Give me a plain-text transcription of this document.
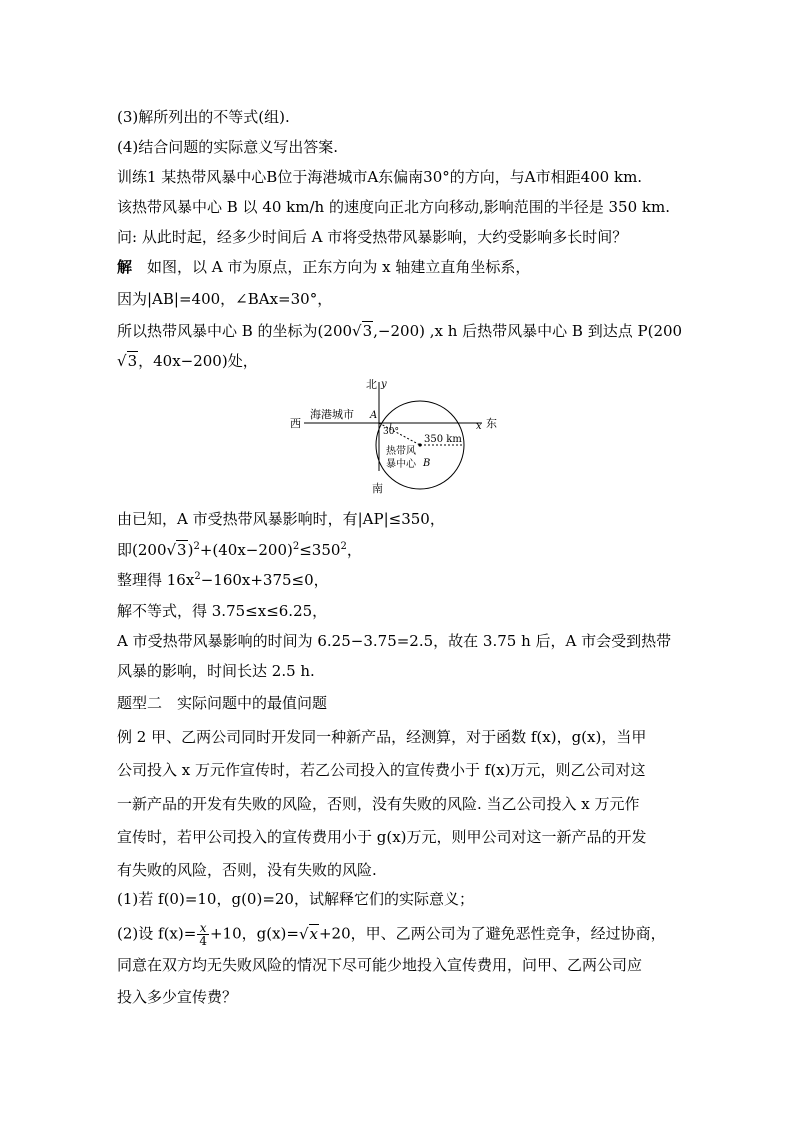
(3)解所列出的不等式(组).
(4)结合问题的实际意义写出答案.
训练1 某热带风暴中心B位于海港城市A东偏南30°的方向，与A市相距400 km.
该热带风暴中心 B 以 40 km/h 的速度向正北方向移动,影响范围的半径是 350 km.
问: 从此时起，经多少时间后 A 市将受热带风暴影响，大约受影响多长时间？
解  如图，以 A 市为原点，正东方向为 x 轴建立直角坐标系，
因为|AB|=400，∠BAx=30°，
所以热带风暴中心 B 的坐标为(200√3,−200) ,x h 后热带风暴中心 B 到达点 P(200
√3，40x−200)处，
北 y
西
海港城市 A
30°	x 东
350 km
热带风
暴中心 B
南
由已知，A 市受热带风暴影响时，有|AP|≤350，
即$(200√3)^2+(40x-200)^2\le 350^2$，
整理得 $16x^2-160x+375\le 0$，
解不等式，得 3.75≤x≤6.25，
A 市受热带风暴影响的时间为 6.25−3.75=2.5，故在 3.75 h 后，A 市会受到热带
风暴的影响，时间长达 2.5 h.
题型二　实际问题中的最值问题
例 2 甲、乙两公司同时开发同一种新产品，经测算，对于函数 f(x)，g(x)，当甲
公司投入 x 万元作宣传时，若乙公司投入的宣传费小于 f(x)万元，则乙公司对这
一新产品的开发有失败的风险，否则，没有失败的风险. 当乙公司投入 x 万元作
宣传时，若甲公司投入的宣传费用小于 g(x)万元，则甲公司对这一新产品的开发
有失败的风险，否则，没有失败的风险.
(1)若 f(0)=10，g(0)=20，试解释它们的实际意义；
(2)设 $f(x)= \frac{x}{4} +10$，g(x)=√x+20，甲、乙两公司为了避免恶性竞争，经过协商，
同意在双方均无失败风险的情况下尽可能少地投入宣传费用，问甲、乙两公司应
投入多少宣传费？
